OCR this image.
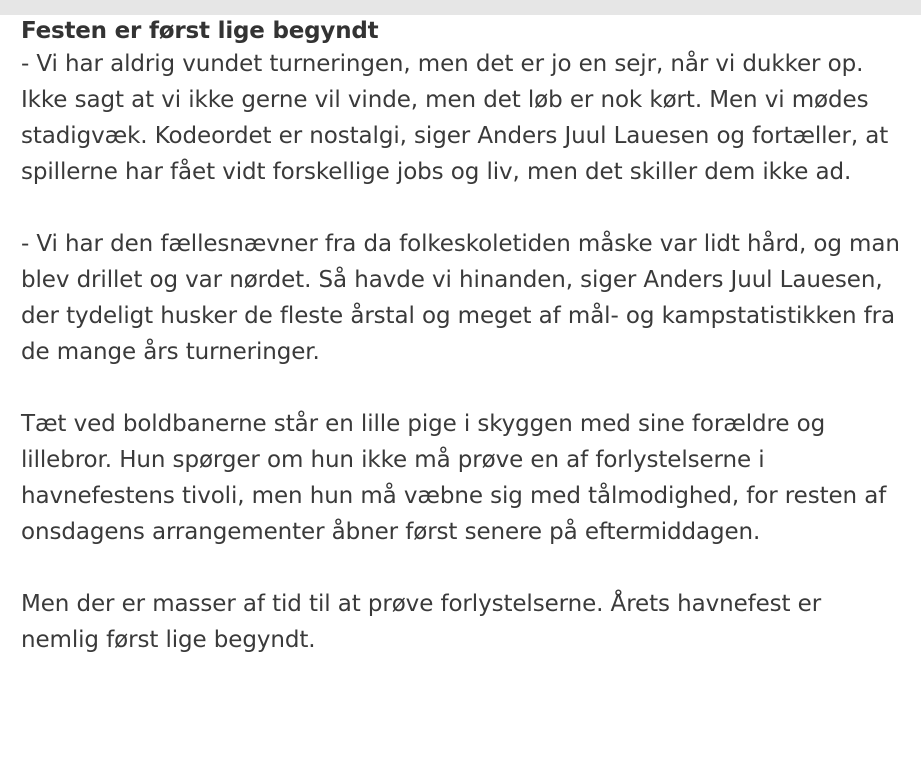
Festen er først lige begyndt

- Vi har aldrig vundet turneringen, men det er jo en sejr, når vi dukker op. Ikke sagt at vi ikke gerne vil vinde, men det løb er nok kørt. Men vi mødes stadigvæk. Kodeordet er nostalgi, siger Anders Juul Lauesen og fortæller, at spillerne har fået vidt forskellige jobs og liv, men det skiller dem ikke ad.

- Vi har den fællesnævner fra da folkeskoletiden måske var lidt hård, og man blev drillet og var nørdet. Så havde vi hinanden, siger Anders Juul Lauesen, der tydeligt husker de fleste årstal og meget af mål- og kampstatistikken fra de mange års turneringer.

Tæt ved boldbanerne står en lille pige i skyggen med sine forældre og lillebror. Hun spørger om hun ikke må prøve en af forlystelserne i havnefestens tivoli, men hun må væbne sig med tålmodighed, for resten af onsdagens arrangementer åbner først senere på eftermiddagen.

Men der er masser af tid til at prøve forlystelserne. Årets havnefest er nemlig først lige begyndt.
